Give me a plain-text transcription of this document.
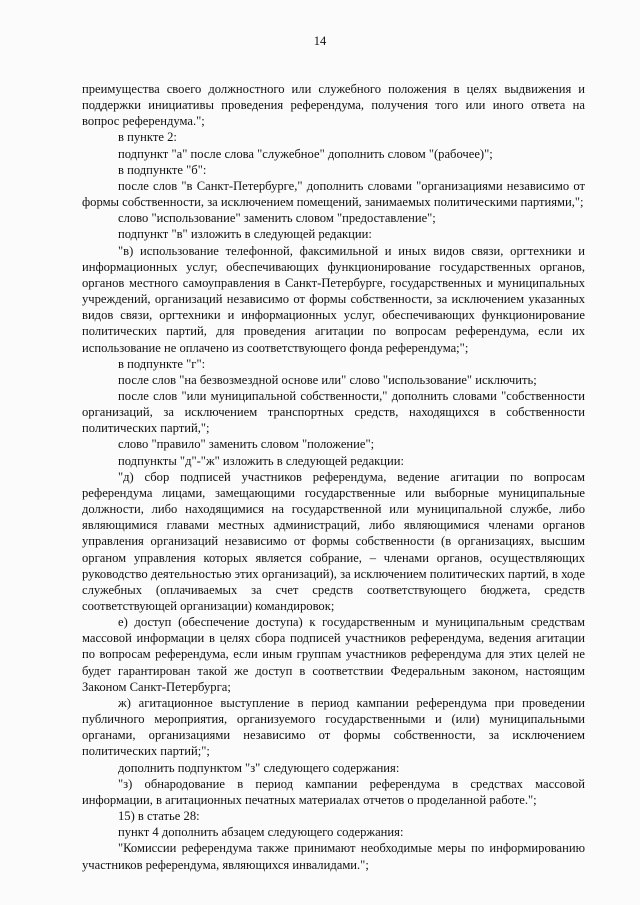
14

преимущества своего должностного или служебного положения в целях выдвижения и поддержки инициативы проведения референдума, получения того или иного ответа на вопрос референдума.";

в пункте 2:

подпункт "а" после слова "служебное" дополнить словом "(рабочее)";

в подпункте "б":

после слов "в Санкт-Петербурге," дополнить словами "организациями независимо от формы собственности, за исключением помещений, занимаемых политическими партиями,";

слово "использование" заменить словом "предоставление";

подпункт "в" изложить в следующей редакции:

"в) использование телефонной, факсимильной и иных видов связи, оргтехники и информационных услуг, обеспечивающих функционирование государственных органов, органов местного самоуправления в Санкт-Петербурге, государственных и муниципальных учреждений, организаций независимо от формы собственности, за исключением указанных видов связи, оргтехники и информационных услуг, обеспечивающих функционирование политических партий, для проведения агитации по вопросам референдума, если их использование не оплачено из соответствующего фонда референдума;";

в подпункте "г":

после слов "на безвозмездной основе или" слово "использование" исключить;

после слов "или муниципальной собственности," дополнить словами "собственности организаций, за исключением транспортных средств, находящихся в собственности политических партий,";

слово "правило" заменить словом "положение";

подпункты "д"-"ж" изложить в следующей редакции:

"д) сбор подписей участников референдума, ведение агитации по вопросам референдума лицами, замещающими государственные или выборные муниципальные должности, либо находящимися на государственной или муниципальной службе, либо являющимися главами местных администраций, либо являющимися членами органов управления организаций независимо от формы собственности (в организациях, высшим органом управления которых является собрание, – членами органов, осуществляющих руководство деятельностью этих организаций), за исключением политических партий, в ходе служебных (оплачиваемых за счет средств соответствующего бюджета, средств соответствующей организации) командировок;

е) доступ (обеспечение доступа) к государственным и муниципальным средствам массовой информации в целях сбора подписей участников референдума, ведения агитации по вопросам референдума, если иным группам участников референдума для этих целей не будет гарантирован такой же доступ в соответствии Федеральным законом, настоящим Законом Санкт-Петербурга;

ж) агитационное выступление в период кампании референдума при проведении публичного мероприятия, организуемого государственными и (или) муниципальными органами, организациями независимо от формы собственности, за исключением политических партий;";

дополнить подпунктом "з" следующего содержания:

"з) обнародование в период кампании референдума в средствах массовой информации, в агитационных печатных материалах отчетов о проделанной работе.";

15) в статье 28:

пункт 4 дополнить абзацем следующего содержания:

"Комиссии референдума также принимают необходимые меры по информированию участников референдума, являющихся инвалидами.";
